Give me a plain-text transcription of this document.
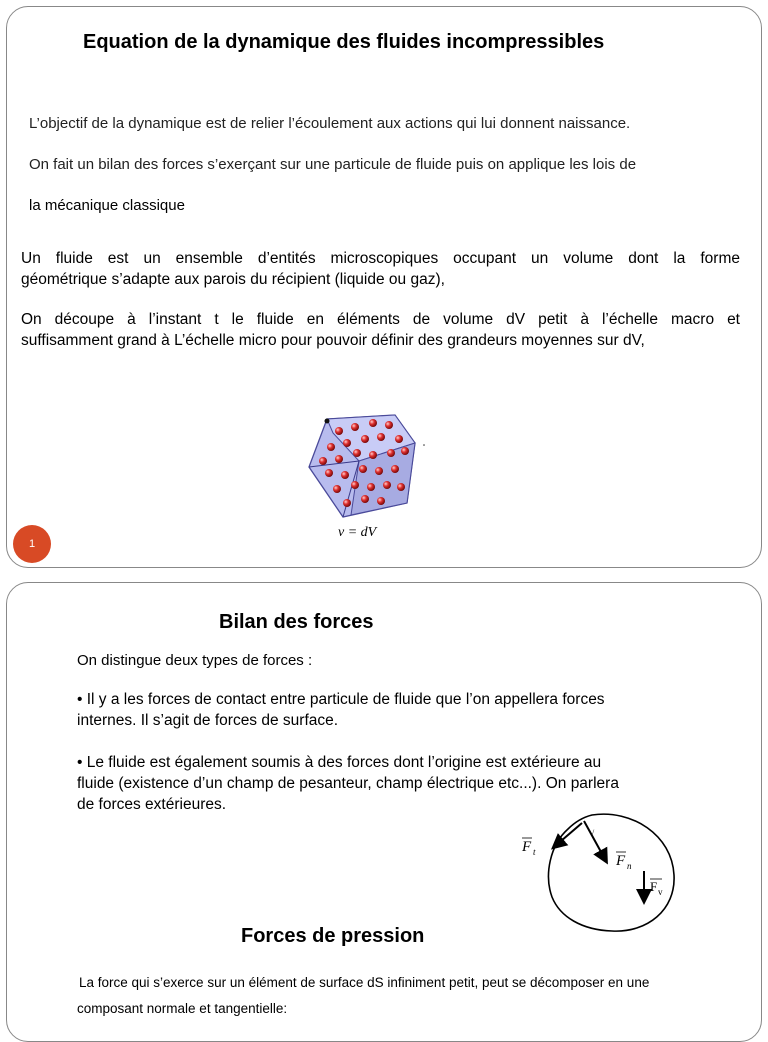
Equation de la dynamique des fluides incompressibles
L’objectif de la dynamique est de relier l’écoulement aux actions qui lui donnent naissance.
On fait un bilan des forces s’exerçant sur une particule de fluide puis on applique les lois de
la mécanique classique
Un fluide est un ensemble d’entités microscopiques occupant un volume dont la forme
géométrique s’adapte aux parois du récipient (liquide ou gaz),
On découpe à l’instant t le fluide en éléments de volume dV petit à l’échelle macro et
suffisamment grand à L’échelle micro pour pouvoir définir des grandeurs moyennes sur dV,
v = dV
1
Bilan des forces
On distingue deux types de forces :
• Il y a les forces de contact entre particule de fluide que l’on appellera forces
internes. Il s’agit de forces de surface.
• Le fluide est également soumis à des forces dont l’origine est extérieure au
fluide (existence d’un champ de pesanteur, champ électrique etc...). On parlera
de forces extérieures.
/
F t
F n
F v
Forces de pression
La force qui s’exerce sur un élément de surface dS infiniment petit, peut se décomposer en une
composant normale et tangentielle:
